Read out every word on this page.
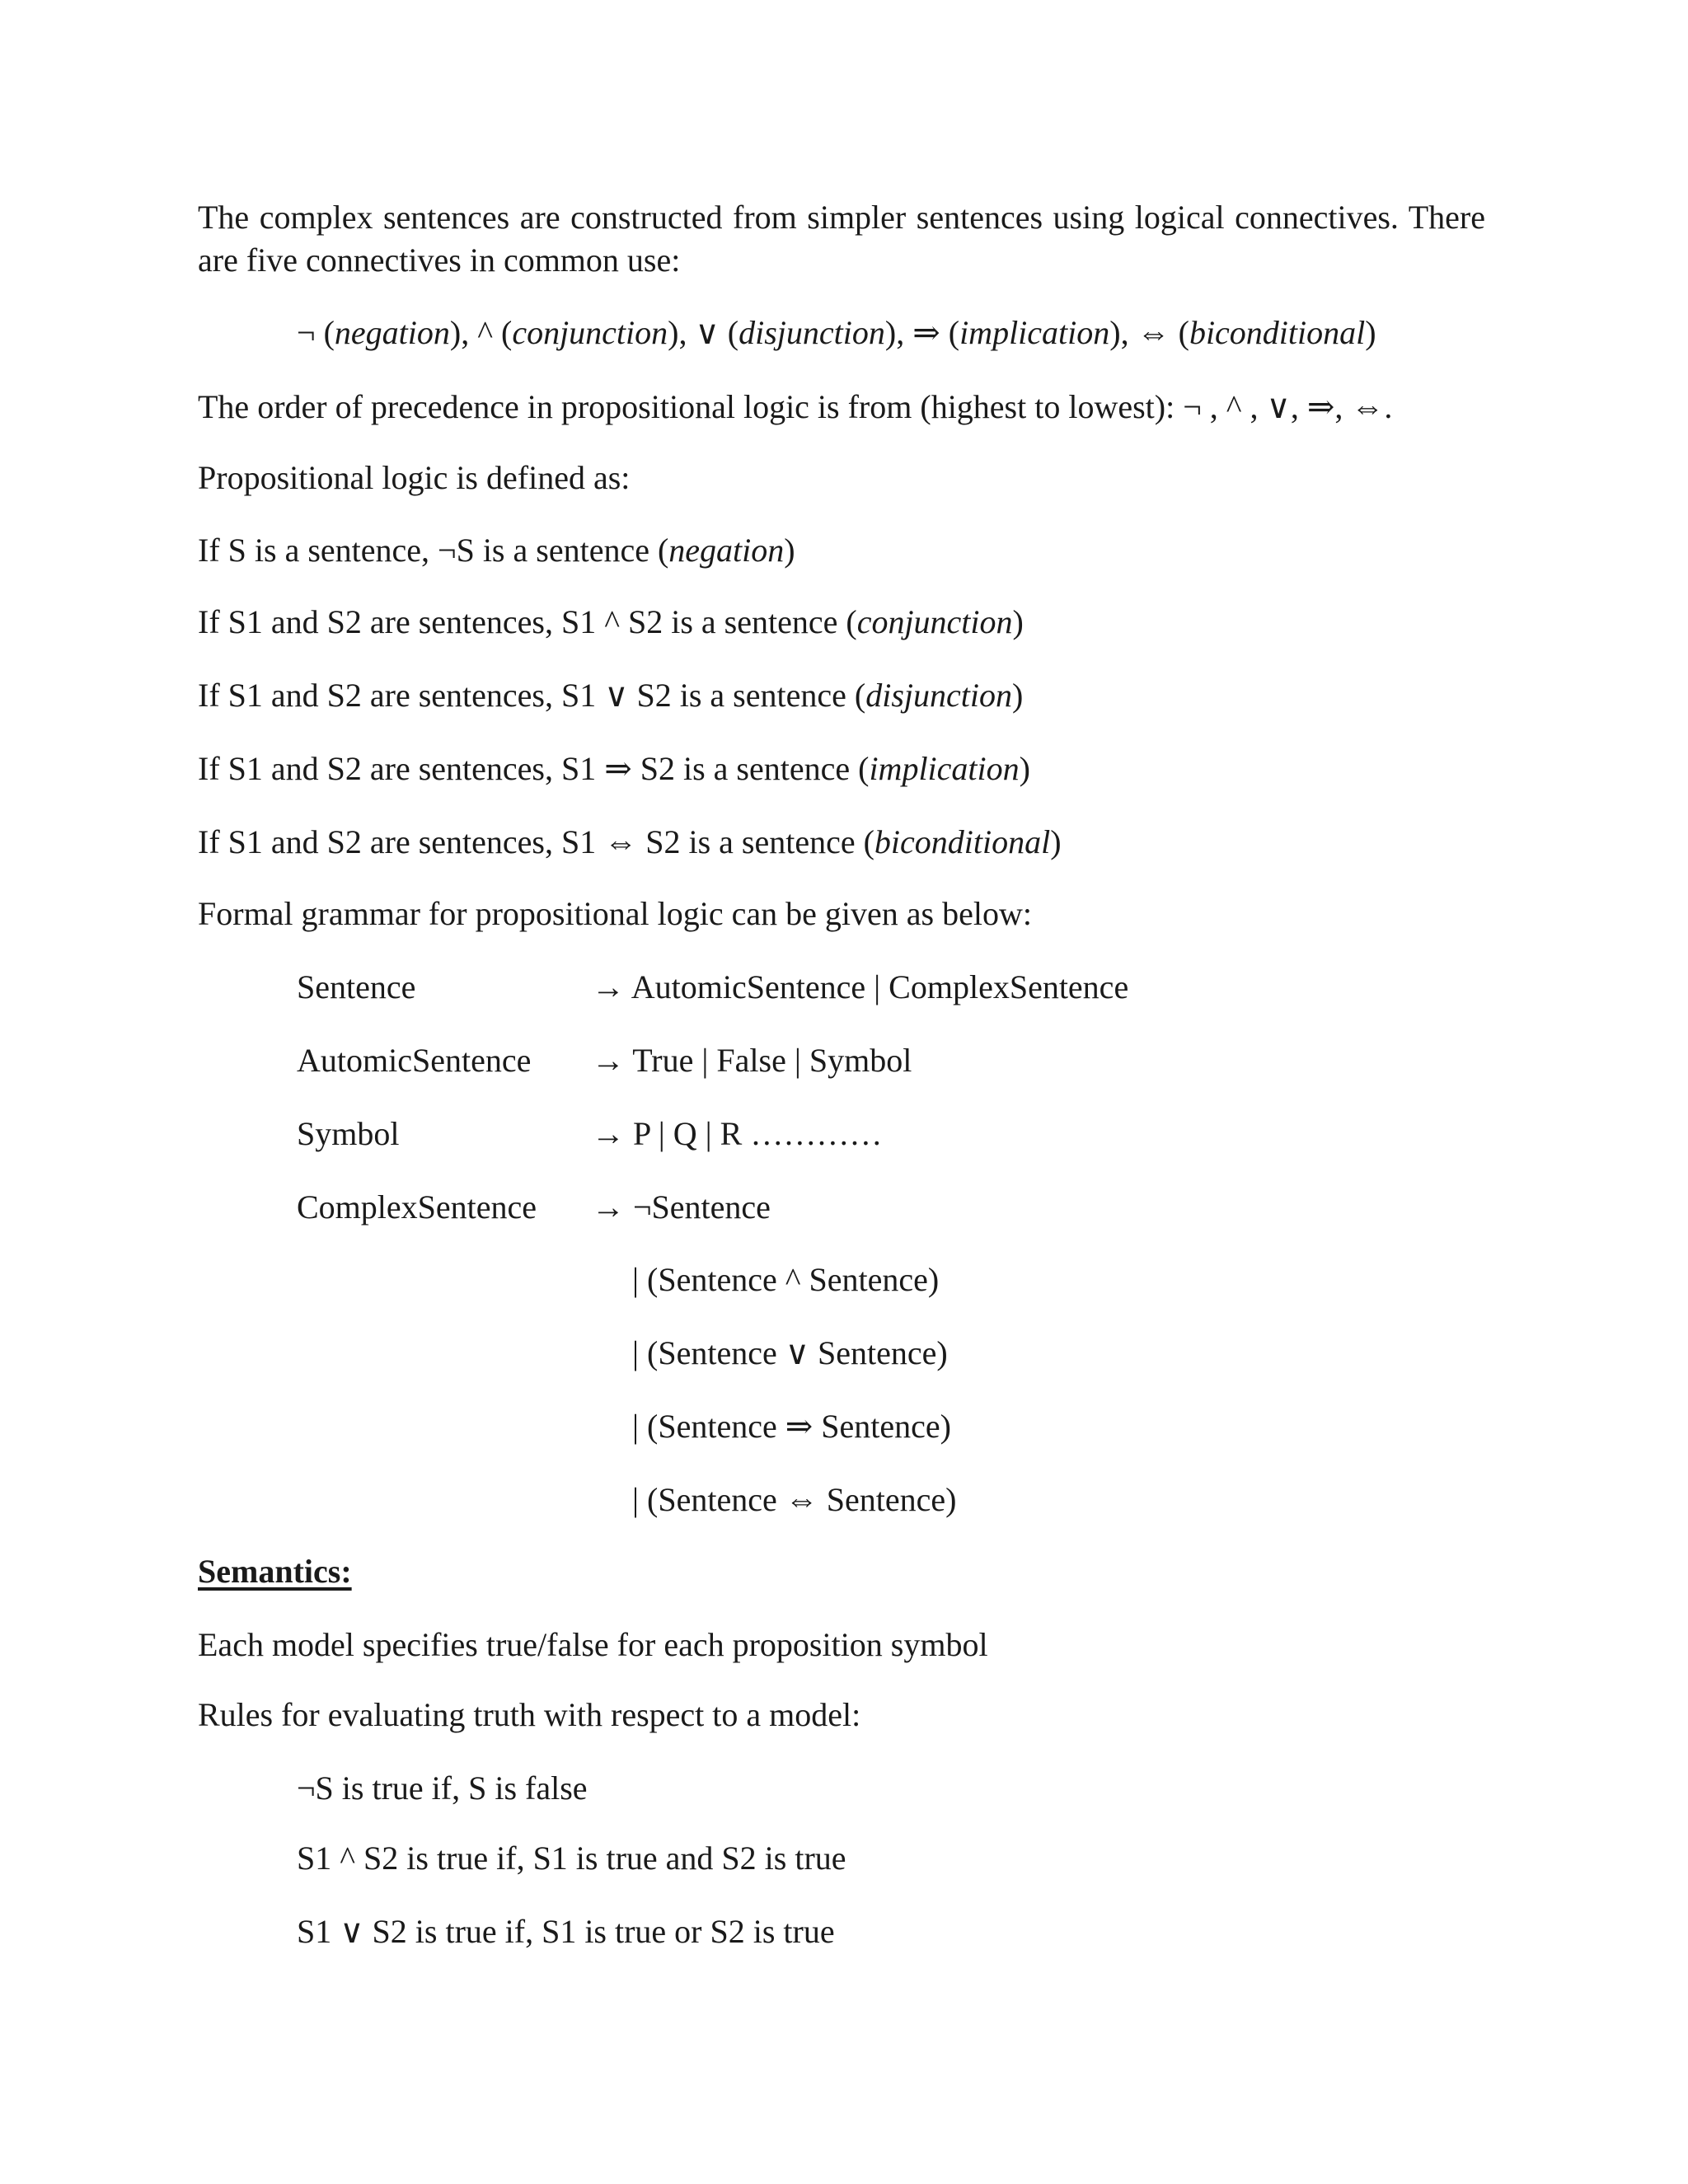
The complex sentences are constructed from simpler sentences using logical connectives. There
are five connectives in common use:
¬ (negation), ^ (conjunction), ∨ (disjunction), ⇒ (implication), ⇔ (biconditional)
The order of precedence in propositional logic is from (highest to lowest): ¬ , ^ , ∨, ⇒, ⇔.
Propositional logic is defined as:
If S is a sentence, ¬S is a sentence (negation)
If S1 and S2 are sentences, S1 ^ S2 is a sentence (conjunction)
If S1 and S2 are sentences, S1 ∨ S2 is a sentence (disjunction)
If S1 and S2 are sentences, S1 ⇒ S2 is a sentence (implication)
If S1 and S2 are sentences, S1 ⇔ S2 is a sentence (biconditional)
Formal grammar for propositional logic can be given as below:
Sentence	→ AutomicSentence | ComplexSentence
AutomicSentence → True | False | Symbol
Symbol	→ P | Q | R …………
ComplexSentence → ¬Sentence
| (Sentence ^ Sentence)
| (Sentence ∨ Sentence)
| (Sentence ⇒ Sentence)
| (Sentence ⇔ Sentence)
Semantics:
Each model specifies true/false for each proposition symbol
Rules for evaluating truth with respect to a model:
¬S is true if, S is false
S1 ^ S2 is true if, S1 is true and S2 is true
S1 ∨ S2 is true if, S1 is true or S2 is true
